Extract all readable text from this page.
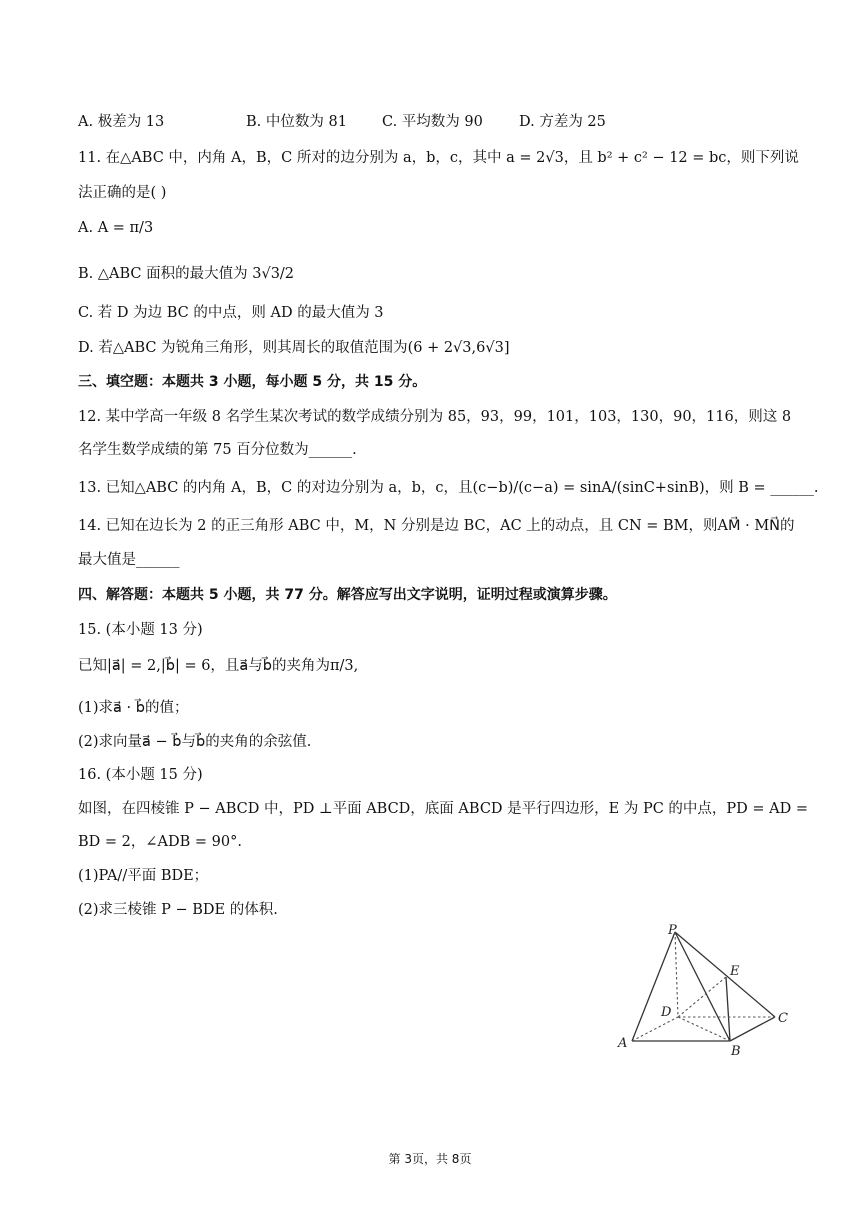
A. 极差为 13	B. 中位数为 81 C. 平均数为 90 D. 方差为 25
11. 在△ABC 中，内角 A，B，C 所对的边分别为 a，b，c，其中 a = 2√3，且 b² + c² − 12 = bc，则下列说
法正确的是( )
A. A = π/3
B. △ABC 面积的最大值为 3√3/2
C. 若 D 为边 BC 的中点，则 AD 的最大值为 3
D. 若△ABC 为锐角三角形，则其周长的取值范围为(6 + 2√3,6√3]
三、填空题：本题共 3 小题，每小题 5 分，共 15 分。
12. 某中学高一年级 8 名学生某次考试的数学成绩分别为 85，93，99，101，103，130，90，116，则这 8
名学生数学成绩的第 75 百分位数为______.
13. 已知△ABC 的内角 A，B，C 的对边分别为 a，b，c，且(c−b)/(c−a) = sinA/(sinC+sinB)，则 B = ______.
14. 已知在边长为 2 的正三角形 ABC 中，M，N 分别是边 BC，AC 上的动点，且 CN = BM，则AM⃗ · MN⃗的
最大值是______
四、解答题：本题共 5 小题，共 77 分。解答应写出文字说明，证明过程或演算步骤。
15. (本小题 13 分)
已知|a⃗| = 2,|b⃗| = 6，且a⃗与b⃗的夹角为π/3,
(1)求a⃗ · b⃗的值；
(2)求向量a⃗ − b⃗与b⃗的夹角的余弦值.
16. (本小题 15 分)
如图，在四棱锥 P − ABCD 中，PD ⊥平面 ABCD，底面 ABCD 是平行四边形，E 为 PC 的中点，PD = AD =
BD = 2，∠ADB = 90°.
(1)PA//平面 BDE；
(2)求三棱锥 P − BDE 的体积.
P
E
D	C
A
B
第 3页，共 8页
